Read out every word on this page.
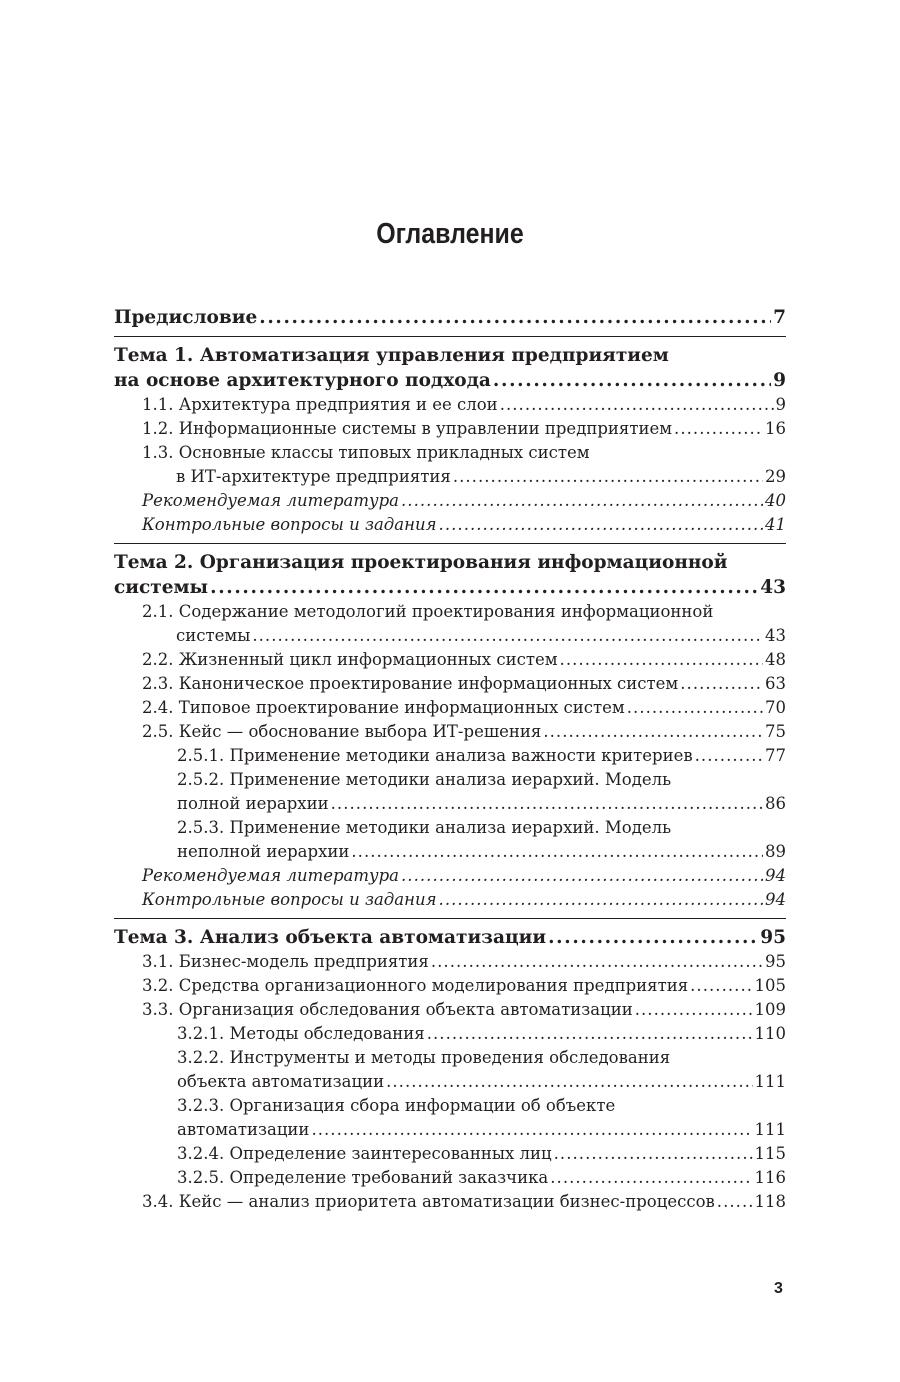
Оглавление
Предисловие . . .	7
Тема 1. Автоматизация управления предприятием
на основе архитектурного подхода . . .	9
1.1. Архитектура предприятия и ее слои . . .	9
1.2. Информационные системы в управлении предприятием . . .	16
1.3. Основные классы типовых прикладных систем
в ИТ-архитектуре предприятия . . .	29
Рекомендуемая литература . . .	40
Контрольные вопросы и задания . . .	41
Тема 2. Организация проектирования информационной
системы . . .	43
2.1. Содержание методологий проектирования информационной
системы . . .	43
2.2. Жизненный цикл информационных систем . . .	48
2.3. Каноническое проектирование информационных систем . . .	63
2.4. Типовое проектирование информационных систем . . .	70
2.5. Кейс — обоснование выбора ИТ-решения . . .	75
2.5.1. Применение методики анализа важности критериев . . .	77
2.5.2. Применение методики анализа иерархий. Модель
полной иерархии . . .	86
2.5.3. Применение методики анализа иерархий. Модель
неполной иерархии . . .	89
Рекомендуемая литература . . .	94
Контрольные вопросы и задания . . .	94
Тема 3. Анализ объекта автоматизации . . .	95
3.1. Бизнес-модель предприятия . . .	95
3.2. Средства организационного моделирования предприятия . . .	105
3.3. Организация обследования объекта автоматизации . . .	109
3.2.1. Методы обследования . . .	110
3.2.2. Инструменты и методы проведения обследования
объекта автоматизации . . .	111
3.2.3. Организация сбора информации об объекте
автоматизации . . .	111
3.2.4. Определение заинтересованных лиц . . .	115
3.2.5. Определение требований заказчика . . .	116
3.4. Кейс — анализ приоритета автоматизации бизнес-процессов . . . 118
3
